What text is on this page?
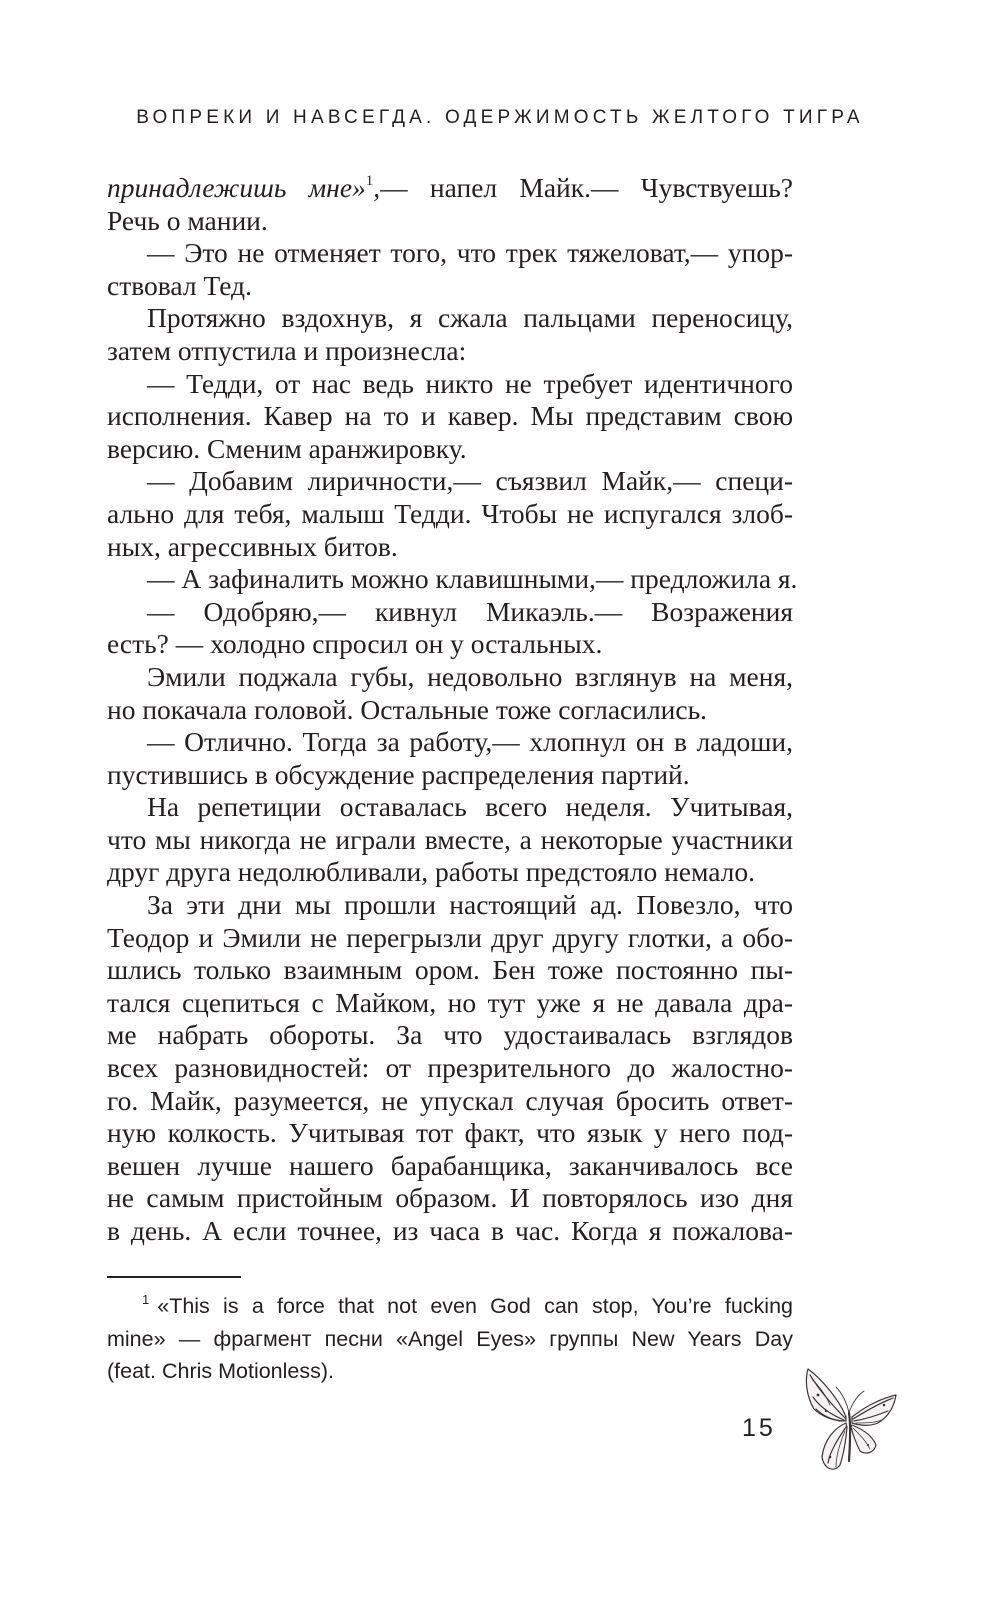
ВОПРЕКИ И НАВСЕГДА. ОДЕРЖИМОСТЬ ЖЕЛТОГО ТИГРА
принадлежишь мне»$^1$,— напел Майк.— Чувствуешь?
Речь о мании.
— Это не отменяет того, что трек тяжеловат,— упор-
ствовал Тед.
Протяжно вздохнув, я сжала пальцами переносицу,
затем отпустила и произнесла:
— Тедди, от нас ведь никто не требует идентичного
исполнения. Кавер на то и кавер. Мы представим свою
версию. Сменим аранжировку.
— Добавим лиричности,— съязвил Майк,— специ-
ально для тебя, малыш Тедди. Чтобы не испугался злоб-
ных, агрессивных битов.
— А зафиналить можно клавишными,— предложила я.
— Одобряю,— кивнул Микаэль.— Возражения
есть? — холодно спросил он у остальных.
Эмили поджала губы, недовольно взглянув на меня,
но покачала головой. Остальные тоже согласились.
— Отлично. Тогда за работу,— хлопнул он в ладоши,
пустившись в обсуждение распределения партий.
На репетиции оставалась всего неделя. Учитывая,
что мы никогда не играли вместе, а некоторые участники
друг друга недолюбливали, работы предстояло немало.
За эти дни мы прошли настоящий ад. Повезло, что
Теодор и Эмили не перегрызли друг другу глотки, а обо-
шлись только взаимным ором. Бен тоже постоянно пы-
тался сцепиться с Майком, но тут уже я не давала дра-
ме набрать обороты. За что удостаивалась взглядов
всех разновидностей: от презрительного до жалостно-
го. Майк, разумеется, не упускал случая бросить ответ-
ную колкость. Учитывая тот факт, что язык у него под-
вешен лучше нашего барабанщика, заканчивалось все
не самым пристойным образом. И повторялось изо дня
в день. А если точнее, из часа в час. Когда я пожалова-
$^1$ «This is a force that not even God can stop, You’re fucking
mine» — фрагмент песни «Angel Eyes» группы New Years Day
(feat. Chris Motionless).
15
